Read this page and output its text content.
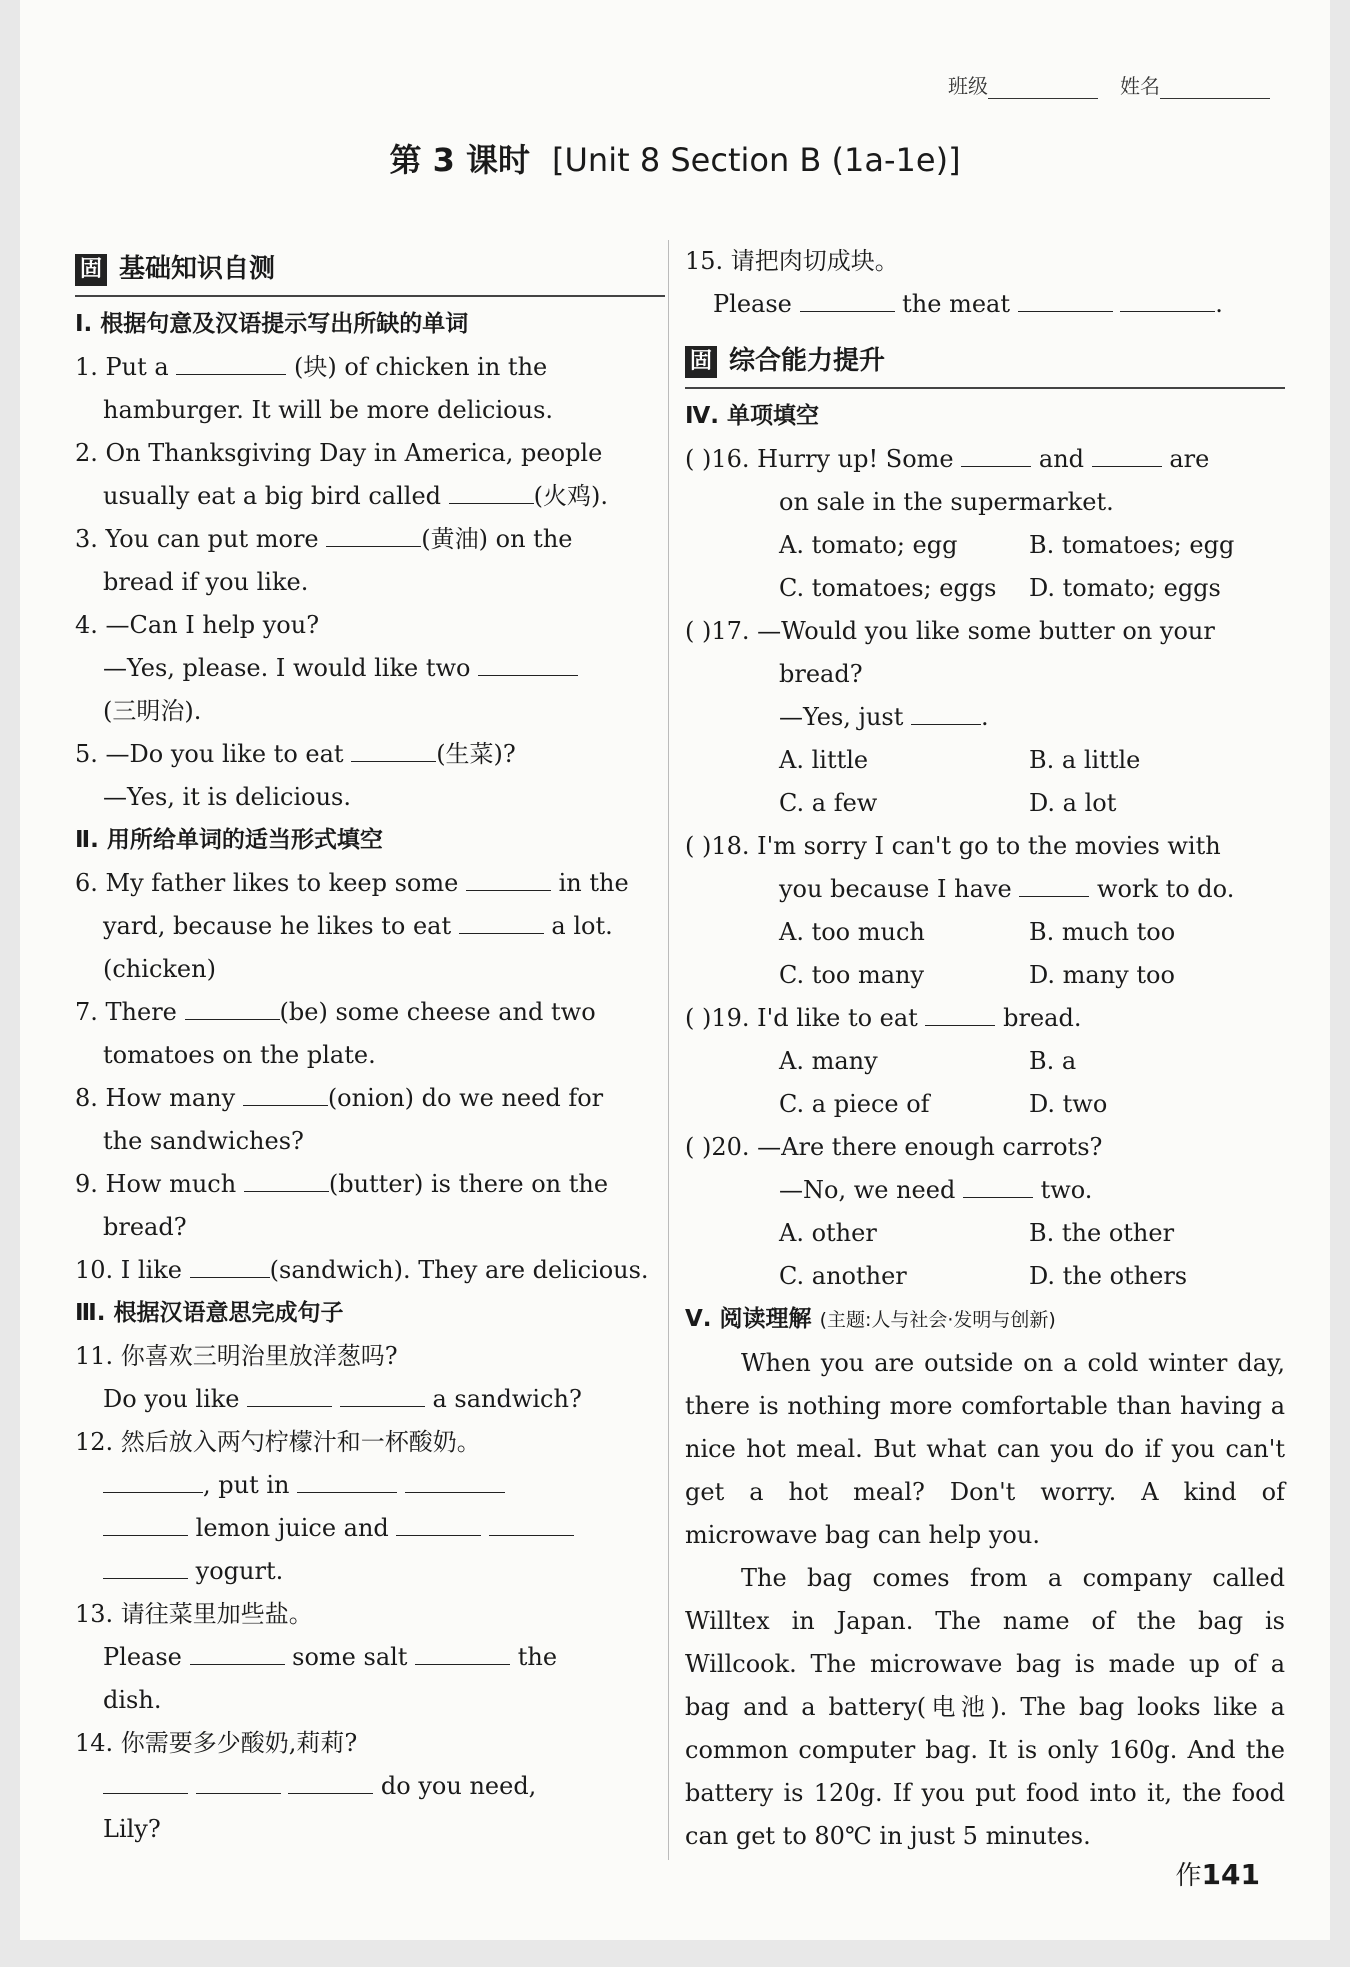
班级	姓名
第 3 课时 [Unit 8 Section B (1a-1e)]
固 基础知识自测
Ⅰ. 根据句意及汉语提示写出所缺的单词
1. Put a	(块) of chicken in the
hamburger. It will be more delicious.
2. On Thanksgiving Day in America, people
usually eat a big bird called	(火鸡).
3. You can put more	(黄油) on the
bread if you like.
4. —Can I help you?
—Yes, please. I would like two
(三明治).
5. —Do you like to eat	(生菜)?
—Yes, it is delicious.
Ⅱ. 用所给单词的适当形式填空
6. My father likes to keep some	in the
yard, because he likes to eat	a lot.
(chicken)
7. There	(be) some cheese and two
tomatoes on the plate.
8. How many	(onion) do we need for
the sandwiches?
9. How much	(butter) is there on the
bread?
10. I like	(sandwich). They are delicious.
Ⅲ. 根据汉语意思完成句子
11. 你喜欢三明治里放洋葱吗?
Do you like	a sandwich?
12. 然后放入两勺柠檬汁和一杯酸奶。
, put in
lemon juice and
yogurt.
13. 请往菜里加些盐。
Please	some salt	the
dish.
14. 你需要多少酸奶,莉莉?
do you need,
Lily?
15. 请把肉切成块。
Please	the meat	.
固 综合能力提升
Ⅳ. 单项填空
( )16. Hurry up! Some	and	are
on sale in the supermarket.
A. tomato; egg	B. tomatoes; egg
C. tomatoes; eggs	D. tomato; eggs
( )17. —Would you like some butter on your
bread?
—Yes, just	.
A. little	B. a little
C. a few	D. a lot
( )18. I'm sorry I can't go to the movies with
you because I have	work to do.
A. too much	B. much too
C. too many	D. many too
( )19. I'd like to eat	bread.
A. many	B. a
C. a piece of	D. two
( )20. —Are there enough carrots?
—No, we need	two.
A. other	B. the other
C. another	D. the others
Ⅴ. 阅读理解 (主题:人与社会·发明与创新)

When you are outside on a cold winter day, there is nothing more comfortable than having a nice hot meal. But what can you do if you can't get a hot meal? Don't worry. A kind of microwave bag can help you.

The bag comes from a company called Willtex in Japan. The name of the bag is Willcook. The microwave bag is made up of a bag and a battery(电池). The bag looks like a common computer bag. It is only 160g. And the battery is 120g. If you put food into it, the food can get to 80℃ in just 5 minutes.

作141
